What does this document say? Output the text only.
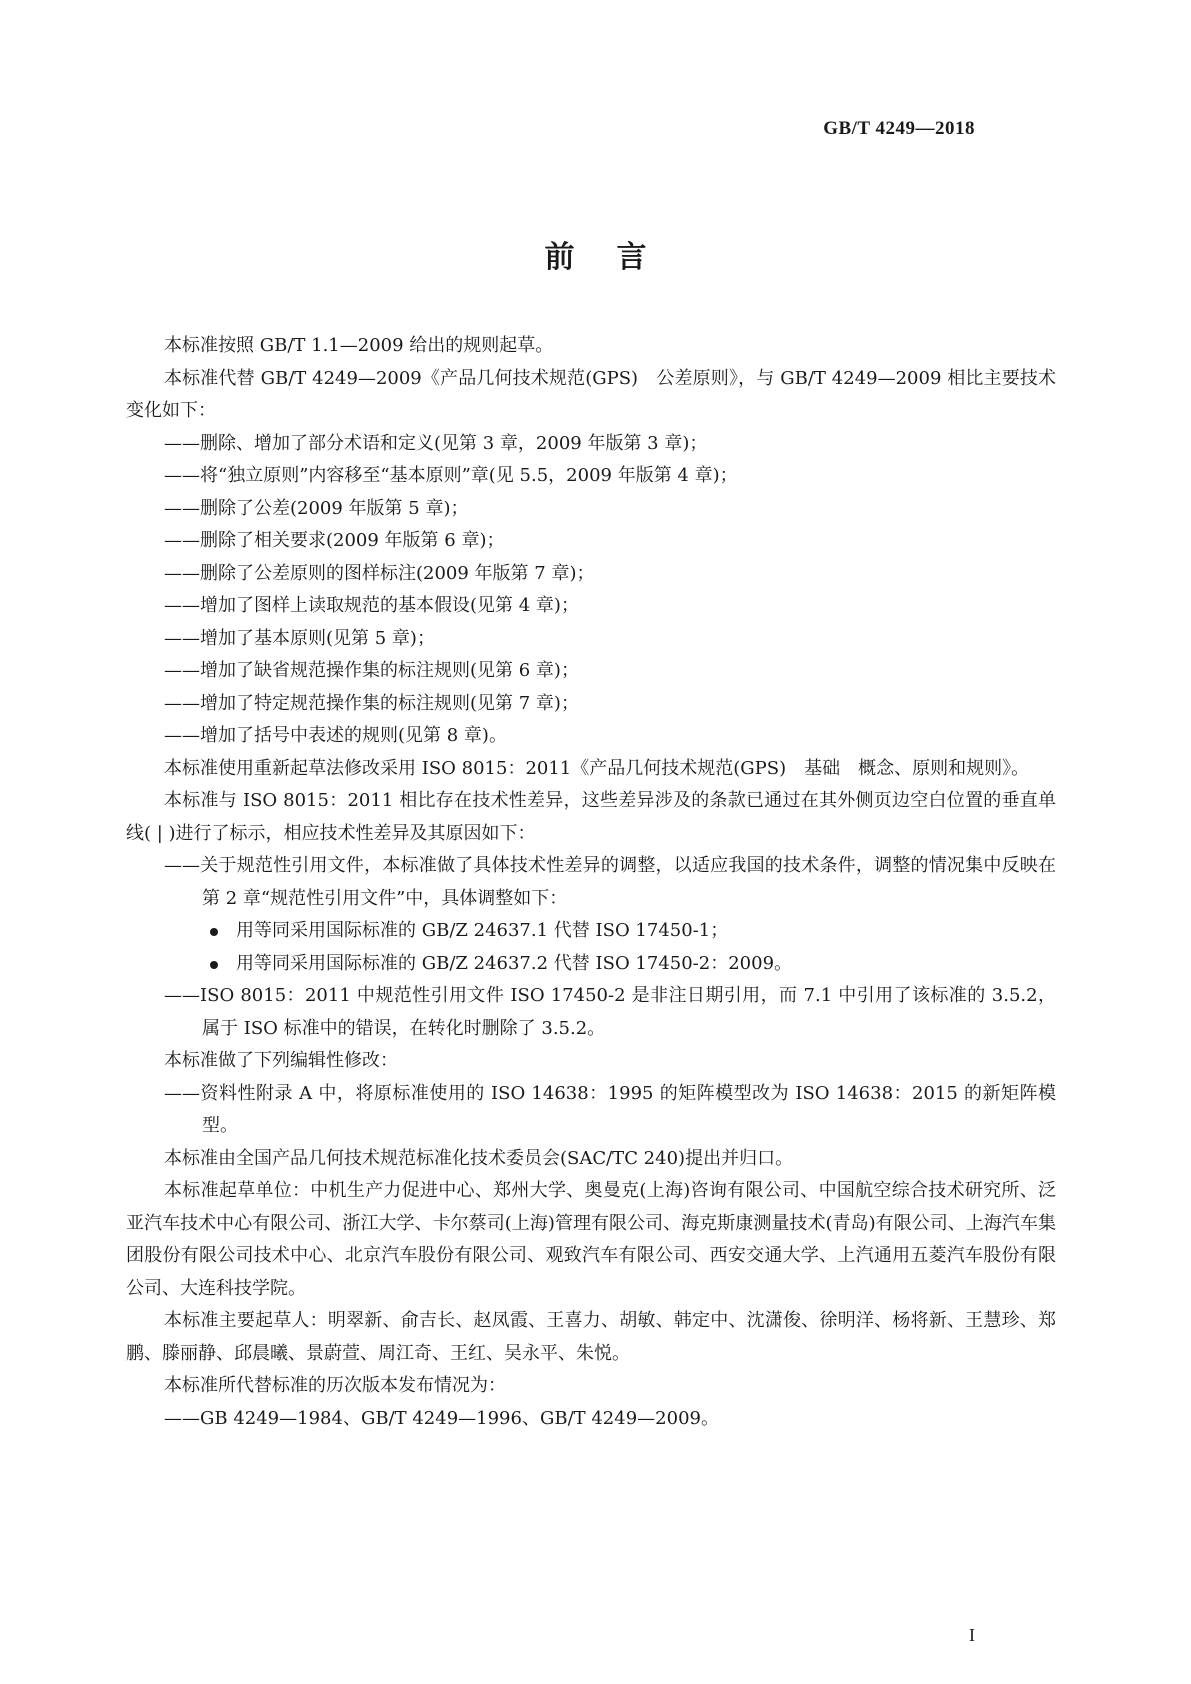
GB/T 4249—2018
前言

本标准按照 GB/T 1.1—2009 给出的规则起草。

本标准代替 GB/T 4249—2009《产品几何技术规范(GPS)　公差原则》，与 GB/T 4249—2009 相比主要技术变化如下：

——删除、增加了部分术语和定义(见第 3 章，2009 年版第 3 章)；

——将“独立原则”内容移至“基本原则”章(见 5.5，2009 年版第 4 章)；

——删除了公差(2009 年版第 5 章)；

——删除了相关要求(2009 年版第 6 章)；

——删除了公差原则的图样标注(2009 年版第 7 章)；

——增加了图样上读取规范的基本假设(见第 4 章)；

——增加了基本原则(见第 5 章)；

——增加了缺省规范操作集的标注规则(见第 6 章)；

——增加了特定规范操作集的标注规则(见第 7 章)；

——增加了括号中表述的规则(见第 8 章)。

本标准使用重新起草法修改采用 ISO 8015：2011《产品几何技术规范(GPS)　基础　概念、原则和规则》。

本标准与 ISO 8015：2011 相比存在技术性差异，这些差异涉及的条款已通过在其外侧页边空白位置的垂直单线( | )进行了标示，相应技术性差异及其原因如下：

——关于规范性引用文件，本标准做了具体技术性差异的调整，以适应我国的技术条件，调整的情况集中反映在第 2 章“规范性引用文件”中，具体调整如下：

用等同采用国际标准的 GB/Z 24637.1 代替 ISO 17450-1；

用等同采用国际标准的 GB/Z 24637.2 代替 ISO 17450-2：2009。

——ISO 8015：2011 中规范性引用文件 ISO 17450-2 是非注日期引用，而 7.1 中引用了该标准的 3.5.2，属于 ISO 标准中的错误，在转化时删除了 3.5.2。

本标准做了下列编辑性修改：

——资料性附录 A 中，将原标准使用的 ISO 14638：1995 的矩阵模型改为 ISO 14638：2015 的新矩阵模型。

本标准由全国产品几何技术规范标准化技术委员会(SAC/TC 240)提出并归口。

本标准起草单位：中机生产力促进中心、郑州大学、奥曼克(上海)咨询有限公司、中国航空综合技术研究所、泛亚汽车技术中心有限公司、浙江大学、卡尔蔡司(上海)管理有限公司、海克斯康测量技术(青岛)有限公司、上海汽车集团股份有限公司技术中心、北京汽车股份有限公司、观致汽车有限公司、西安交通大学、上汽通用五菱汽车股份有限公司、大连科技学院。

本标准主要起草人：明翠新、俞吉长、赵凤霞、王喜力、胡敏、韩定中、沈潇俊、徐明洋、杨将新、王慧珍、郑鹏、滕丽静、邱晨曦、景蔚萱、周江奇、王红、吴永平、朱悦。

本标准所代替标准的历次版本发布情况为：

——GB 4249—1984、GB/T 4249—1996、GB/T 4249—2009。

I
